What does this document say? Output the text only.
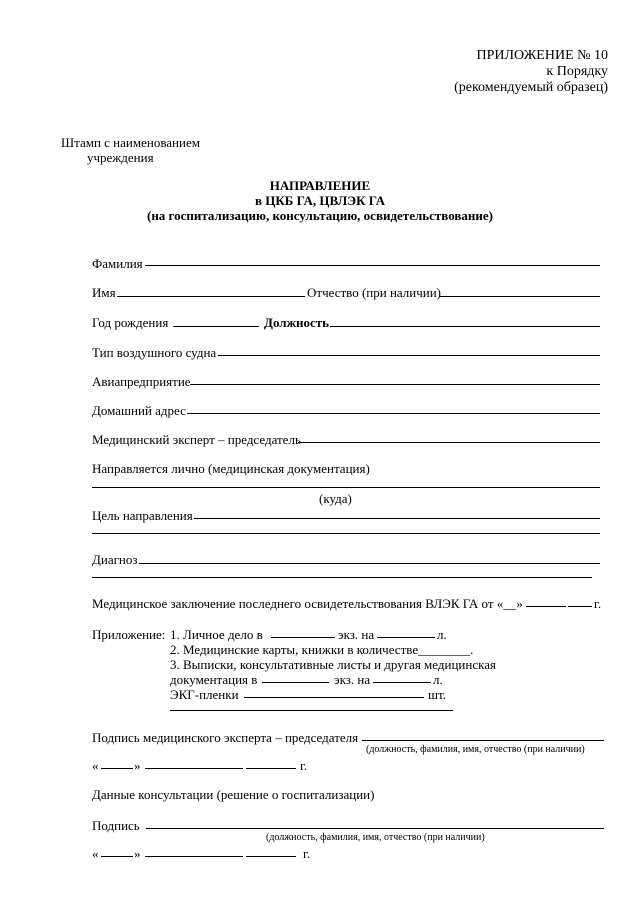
ПРИЛОЖЕНИЕ № 10
к Порядку
(рекомендуемый образец)
Штамп с наименованием
учреждения
НАПРАВЛЕНИЕ
в ЦКБ ГА, ЦВЛЭК ГА
(на госпитализацию, консультацию, освидетельствование)
Фамилия
Имя	Отчество (при наличии)
Год рождения	Должность
Тип воздушного судна
Авиапредприятие
Домашний адрес
Медицинский эксперт – председатель
Направляется лично (медицинская документация)
(куда)
Цель направления
Диагноз
Медицинское заключение последнего освидетельствования ВЛЭК ГА от «__»	г.
Приложение: 1. Личное дело в	экз. на	л.
2. Медицинские карты, книжки в количестве________.
3. Выписки, консультативные листы и другая медицинская
документация в	экз. на	л.
ЭКГ-пленки	шт.
Подпись медицинского эксперта – председателя
(должность, фамилия, имя, отчество (при наличии)
«	»	г.
Данные консультации (решение о госпитализации)
Подпись
(должность, фамилия, имя, отчество (при наличии)
«	»	г.
